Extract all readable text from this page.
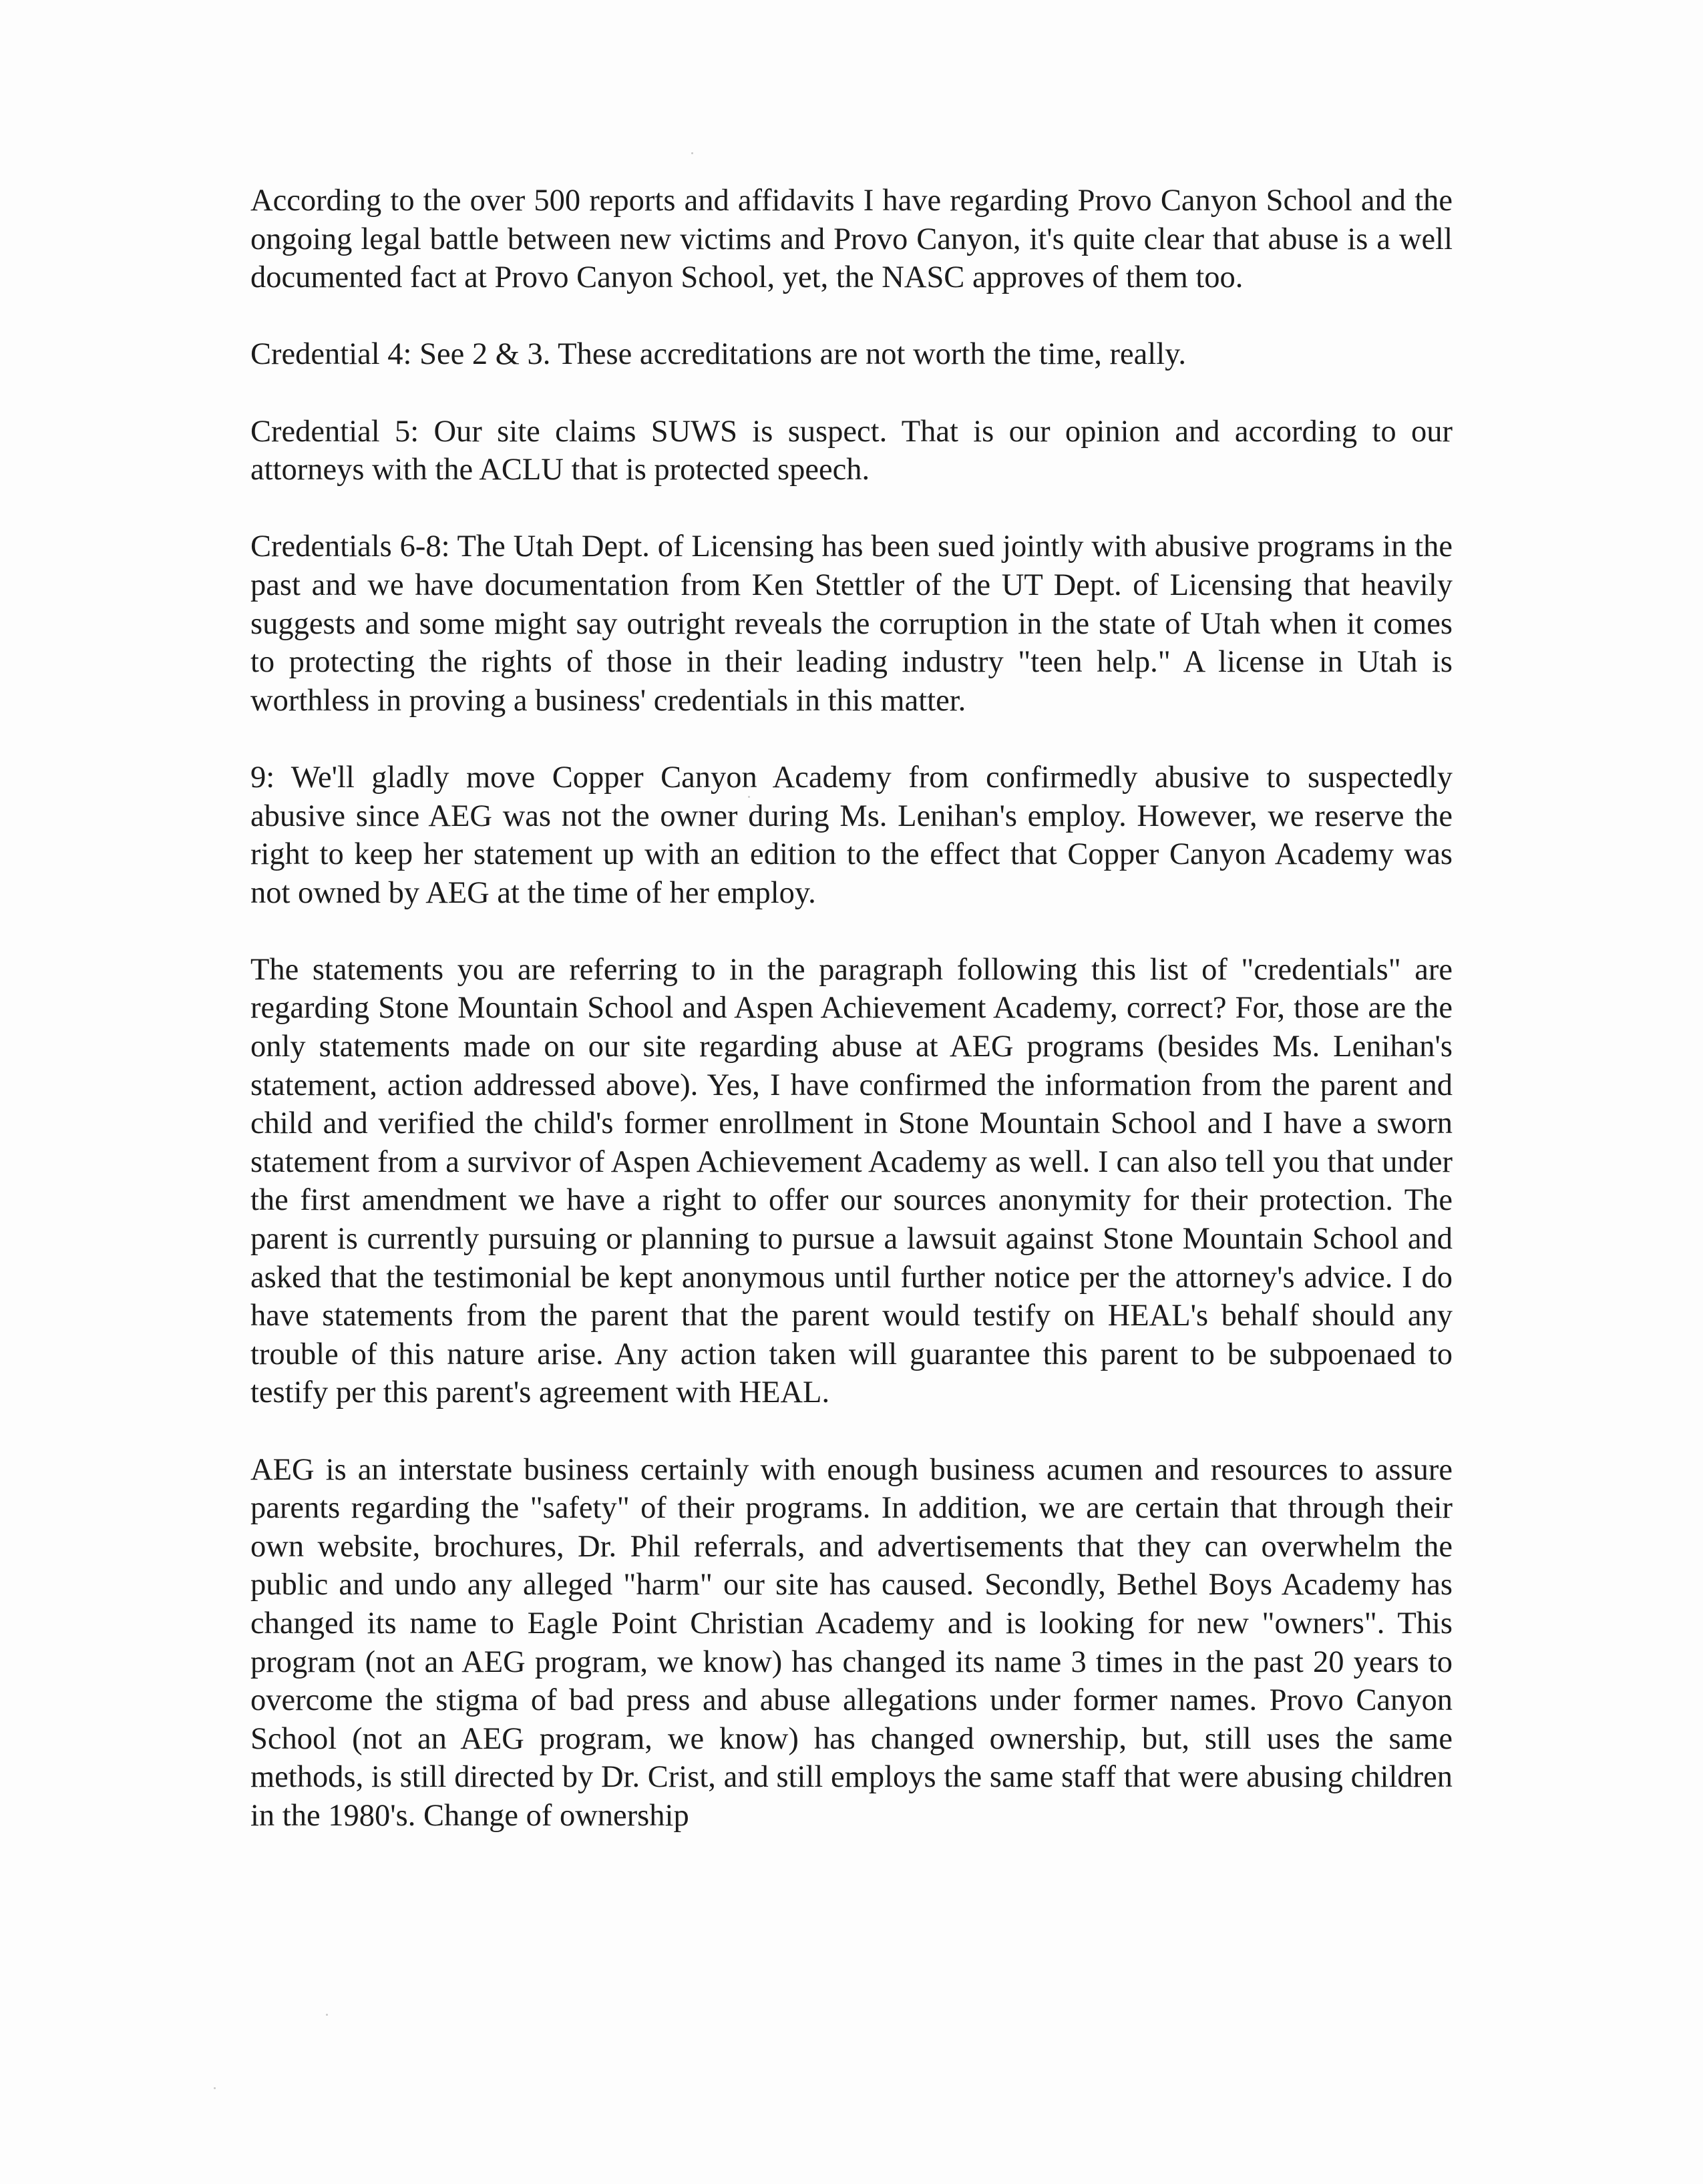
According to the over 500 reports and affidavits I have regarding Provo Canyon School and the ongoing legal battle between new victims and Provo Canyon, it's quite clear that abuse is a well documented fact at Provo Canyon School, yet, the NASC approves of them too.

Credential 4: See 2 & 3. These accreditations are not worth the time, really.

Credential 5: Our site claims SUWS is suspect. That is our opinion and according to our attorneys with the ACLU that is protected speech.

Credentials 6-8: The Utah Dept. of Licensing has been sued jointly with abusive programs in the past and we have documentation from Ken Stettler of the UT Dept. of Licensing that heavily suggests and some might say outright reveals the corruption in the state of Utah when it comes to protecting the rights of those in their leading industry "teen help." A license in Utah is worthless in proving a business' credentials in this matter.

9: We'll gladly move Copper Canyon Academy from confirmedly abusive to suspectedly abusive since AEG was not the owner during Ms. Lenihan's employ. However, we reserve the right to keep her statement up with an edition to the effect that Copper Canyon Academy was not owned by AEG at the time of her employ.

The statements you are referring to in the paragraph following this list of "credentials" are regarding Stone Mountain School and Aspen Achievement Academy, correct? For, those are the only statements made on our site regarding abuse at AEG programs (besides Ms. Lenihan's statement, action addressed above). Yes, I have confirmed the information from the parent and child and verified the child's former enrollment in Stone Mountain School and I have a sworn statement from a survivor of Aspen Achievement Academy as well. I can also tell you that under the first amendment we have a right to offer our sources anonymity for their protection. The parent is currently pursuing or planning to pursue a lawsuit against Stone Mountain School and asked that the testimonial be kept anonymous until further notice per the attorney's advice. I do have statements from the parent that the parent would testify on HEAL's behalf should any trouble of this nature arise. Any action taken will guarantee this parent to be subpoenaed to testify per this parent's agreement with HEAL.

AEG is an interstate business certainly with enough business acumen and resources to assure parents regarding the "safety" of their programs. In addition, we are certain that through their own website, brochures, Dr. Phil referrals, and advertisements that they can overwhelm the public and undo any alleged "harm" our site has caused. Secondly, Bethel Boys Academy has changed its name to Eagle Point Christian Academy and is looking for new "owners". This program (not an AEG program, we know) has changed its name 3 times in the past 20 years to overcome the stigma of bad press and abuse allegations under former names. Provo Canyon School (not an AEG program, we know) has changed ownership, but, still uses the same methods, is still directed by Dr. Crist, and still employs the same staff that were abusing children in the 1980's. Change of ownership
